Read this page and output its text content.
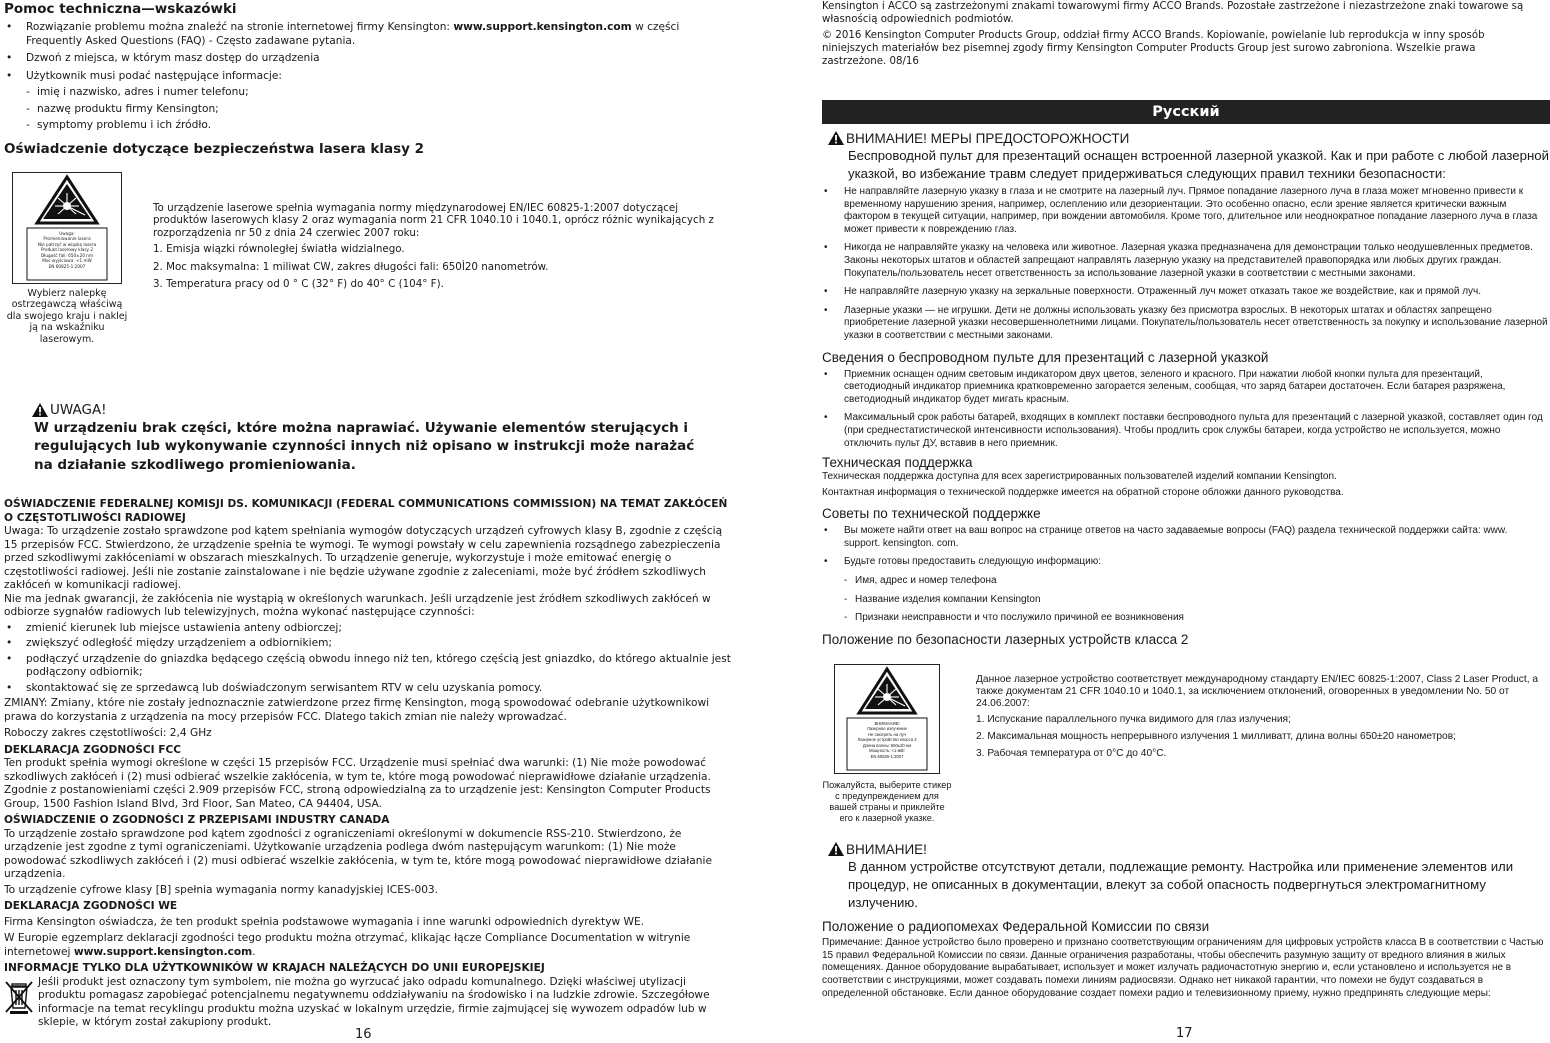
Pomoc techniczna—wskazówki
• Rozwiązanie problemu można znaleźć na stronie internetowej firmy Kensington: www.support.kensington.com w części Frequently Asked Questions (FAQ) - Często zadawane pytania.
• Dzwoń z miejsca, w którym masz dostęp do urządzenia
• Użytkownik musi podać następujące informacje:
- imię i nazwisko, adres i numer telefonu;
- nazwę produktu firmy Kensington;
- symptomy problemu i ich źródło.
Oświadczenie dotyczące bezpieczeństwa lasera klasy 2
Uwaga:
Promieniowanie lasera
Nie patrzyć w wiązkę lasera
Produkt laserowy klasy 2
Długość fali: 650±20 nm
Moc wyjściowa: <1 mW
EN 60825-1:2007
Wybierz nalepkę ostrzegawczą właściwą dla swojego kraju i naklej ją na wskaźniku laserowym.
To urządzenie laserowe spełnia wymagania normy międzynarodowej EN/IEC 60825-1:2007 dotyczącej produktów laserowych klasy 2 oraz wymagania norm 21 CFR 1040.10 i 1040.1, oprócz różnic wynikających z rozporządzenia nr 50 z dnia 24 czerwiec 2007 roku:
1. Emisja wiązki równoległej światła widzialnego.
2. Moc maksymalna: 1 miliwat CW, zakres długości fali: 650Ì20 nanometrów.
3. Temperatura pracy od 0 ° C (32° F) do 40° C (104° F).
UWAGA!
W urządzeniu brak części, które można naprawiać. Używanie elementów sterujących i regulujących lub wykonywanie czynności innych niż opisano w instrukcji może narażać na działanie szkodliwego promieniowania.
OŚWIADCZENIE FEDERALNEJ KOMISJI DS. KOMUNIKACJI (FEDERAL COMMUNICATIONS COMMISSION) NA TEMAT ZAKŁÓCEŃ O CZĘSTOTLIWOŚCI RADIOWEJ
Uwaga: To urządzenie zostało sprawdzone pod kątem spełniania wymogów dotyczących urządzeń cyfrowych klasy B, zgodnie z częścią 15 przepisów FCC. Stwierdzono, że urządzenie spełnia te wymogi. Te wymogi powstały w celu zapewnienia rozsądnego zabezpieczenia przed szkodliwymi zakłóceniami w obszarach mieszkalnych. To urządzenie generuje, wykorzystuje i może emitować energię o częstotliwości radiowej. Jeśli nie zostanie zainstalowane i nie będzie używane zgodnie z zaleceniami, może być źródłem szkodliwych zakłóceń w komunikacji radiowej.
Nie ma jednak gwarancji, że zakłócenia nie wystąpią w określonych warunkach. Jeśli urządzenie jest źródłem szkodliwych zakłóceń w odbiorze sygnałów radiowych lub telewizyjnych, można wykonać następujące czynności:
• zmienić kierunek lub miejsce ustawienia anteny odbiorczej;
• zwiększyć odległość między urządzeniem a odbiornikiem;
• podłączyć urządzenie do gniazdka będącego częścią obwodu innego niż ten, którego częścią jest gniazdko, do którego aktualnie jest podłączony odbiornik;
• skontaktować się ze sprzedawcą lub doświadczonym serwisantem RTV w celu uzyskania pomocy.
ZMIANY: Zmiany, które nie zostały jednoznacznie zatwierdzone przez firmę Kensington, mogą spowodować odebranie użytkownikowi prawa do korzystania z urządzenia na mocy przepisów FCC. Dlatego takich zmian nie należy wprowadzać.
Roboczy zakres częstotliwości: 2,4 GHz
DEKLARACJA ZGODNOŚCI FCC
Ten produkt spełnia wymogi określone w części 15 przepisów FCC. Urządzenie musi spełniać dwa warunki: (1) Nie może powodować szkodliwych zakłóceń i (2) musi odbierać wszelkie zakłócenia, w tym te, które mogą powodować nieprawidłowe działanie urządzenia. Zgodnie z postanowieniami części 2.909 przepisów FCC, stroną odpowiedzialną za to urządzenie jest: Kensington Computer Products Group, 1500 Fashion Island Blvd, 3rd Floor, San Mateo, CA 94404, USA.
OŚWIADCZENIE O ZGODNOŚCI Z PRZEPISAMI INDUSTRY CANADA
To urządzenie zostało sprawdzone pod kątem zgodności z ograniczeniami określonymi w dokumencie RSS-210. Stwierdzono, że urządzenie jest zgodne z tymi ograniczeniami. Użytkowanie urządzenia podlega dwóm następującym warunkom: (1) Nie może powodować szkodliwych zakłóceń i (2) musi odbierać wszelkie zakłócenia, w tym te, które mogą powodować nieprawidłowe działanie urządzenia.
To urządzenie cyfrowe klasy [B] spełnia wymagania normy kanadyjskiej ICES-003.
DEKLARACJA ZGODNOŚCI WE
Firma Kensington oświadcza, że ten produkt spełnia podstawowe wymagania i inne warunki odpowiednich dyrektyw WE.
W Europie egzemplarz deklaracji zgodności tego produktu można otrzymać, klikając łącze Compliance Documentation w witrynie internetowej www.support.kensington.com.
INFORMACJE TYLKO DLA UŻYTKOWNIKÓW W KRAJACH NALEŻĄCYCH DO UNII EUROPEJSKIEJ
Jeśli produkt jest oznaczony tym symbolem, nie można go wyrzucać jako odpadu komunalnego. Dzięki właściwej utylizacji produktu pomagasz zapobiegać potencjalnemu negatywnemu oddziaływaniu na środowisko i na ludzkie zdrowie. Szczegółowe informacje na temat recyklingu produktu można uzyskać w lokalnym urzędzie, firmie zajmującej się wywozem odpadów lub w sklepie, w którym został zakupiony produkt.
16
Kensington i ACCO są zastrzeżonymi znakami towarowymi firmy ACCO Brands. Pozostałe zastrzeżone i niezastrzeżone znaki towarowe są własnością odpowiednich podmiotów.
© 2016 Kensington Computer Products Group, oddział firmy ACCO Brands. Kopiowanie, powielanie lub reprodukcja w inny sposób niniejszych materiałów bez pisemnej zgody firmy Kensington Computer Products Group jest surowo zabroniona. Wszelkie prawa zastrzeżone. 08/16
Русский
ВНИМАНИЕ! МЕРЫ ПРЕДОСТОРОЖНОСТИ
Беспроводной пульт для презентаций оснащен встроенной лазерной указкой. Как и при работе с любой лазерной указкой, во избежание травм следует придерживаться следующих правил техники безопасности:
• Не направляйте лазерную указку в глаза и не смотрите на лазерный луч. Прямое попадание лазерного луча в глаза может мгновенно привести к временному нарушению зрения, например, ослеплению или дезориентации. Это особенно опасно, если зрение является критически важным фактором в текущей ситуации, например, при вождении автомобиля. Кроме того, длительное или неоднократное попадание лазерного луча в глаза может привести к повреждению глаз.
• Никогда не направляйте указку на человека или животное. Лазерная указка предназначена для демонстрации только неодушевленных предметов. Законы некоторых штатов и областей запрещают направлять лазерную указку на представителей правопорядка или любых других граждан. Покупатель/пользователь несет ответственность за использование лазерной указки в соответствии с местными законами.
• Не направляйте лазерную указку на зеркальные поверхности. Отраженный луч может отказать такое же воздействие, как и прямой луч.
• Лазерные указки — не игрушки. Дети не должны использовать указку без присмотра взрослых. В некоторых штатах и областях запрещено приобретение лазерной указки несовершеннолетними лицами. Покупатель/пользователь несет ответственность за покупку и использование лазерной указки в соответствии с местными законами.
Сведения о беспроводном пульте для презентаций с лазерной указкой
• Приемник оснащен одним световым индикатором двух цветов, зеленого и красного. При нажатии любой кнопки пульта для презентаций, светодиодный индикатор приемника кратковременно загорается зеленым, сообщая, что заряд батареи достаточен. Если батарея разряжена, светодиодный индикатор будет мигать красным.
• Максимальный срок работы батарей, входящих в комплект поставки беспроводного пульта для презентаций с лазерной указкой, составляет один год (при среднестатистической интенсивности использования). Чтобы продлить срок службы батареи, когда устройство не используется, можно отключить пульт ДУ, вставив в него приемник.
Техническая поддержка
Техническая поддержка доступна для всех зарегистрированных пользователей изделий компании Kensington.
Контактная информация о технической поддержке имеется на обратной стороне обложки данного руководства.
Советы по технической поддержке
• Вы можете найти ответ на ваш вопрос на странице ответов на часто задаваемые вопросы (FAQ) раздела технической поддержки сайта: www. support. kensington. com.
• Будьте готовы предоставить следующую информацию:
- Имя, адрес и номер телефона
- Название изделия компании Kensington
- Признаки неисправности и что послужило причиной ее возникновения
Положение по безопасности лазерных устройств класса 2
ВНИМАНИЕ!
Лазерное излучение
Не смотреть на луч
Лазерное устройство класса 2
Длина волны: 650±20 нм
Мощность: <1 мВт
EN 60825-1:2007
Пожалуйста, выберите стикер с предупреждением для вашей страны и приклейте его к лазерной указке.
Данное лазерное устройство соответствует международному стандарту EN/IEC 60825-1:2007, Class 2 Laser Product, а также документам 21 CFR 1040.10 и 1040.1, за исключением отклонений, оговоренных в уведомлении No. 50 от 24.06.2007:
1. Испускание параллельного пучка видимого для глаз излучения;
2. Максимальная мощность непрерывного излучения 1 милливатт, длина волны 650±20 нанометров;
3. Рабочая температура от 0°C до 40°C.
ВНИМАНИЕ!
В данном устройстве отсутствуют детали, подлежащие ремонту. Настройка или применение элементов или процедур, не описанных в документации, влекут за собой опасность подвергнуться электромагнитному излучению.
Положение о радиопомехах Федеральной Комиссии по связи
Примечание: Данное устройство было проверено и признано соответствующим ограничениям для цифровых устройств класса B в соответствии с Частью 15 правил Федеральной Комиссии по связи. Данные ограничения разработаны, чтобы обеспечить разумную защиту от вредного влияния в жилых помещениях. Данное оборудование вырабатывает, использует и может излучать радиочастотную энергию и, если установлено и используется не в соответствии с инструкциями, может создавать помехи линиям радиосвязи. Однако нет никакой гарантии, что помехи не будут создаваться в определенной обстановке. Если данное оборудование создает помехи радио и телевизионному приему, нужно предпринять следующие меры:
17
